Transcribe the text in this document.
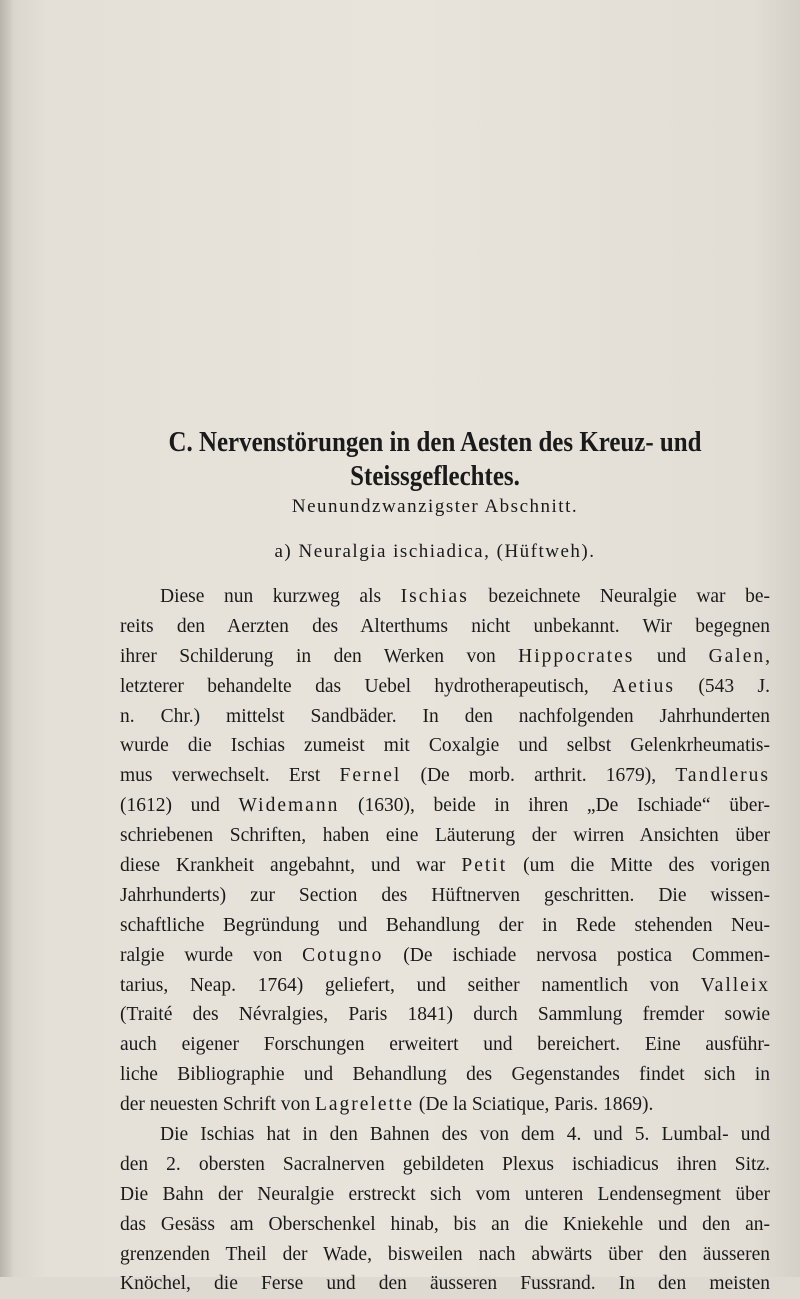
C. Nervenstörungen in den Aesten des Kreuz- und
Steissgeflechtes.
Neunundzwanzigster Abschnitt.
a) Neuralgia ischiadica, (Hüftweh).
Diese nun kurzweg als Ischias bezeichnete Neuralgie war be-
reits den Aerzten des Alterthums nicht unbekannt. Wir begegnen
ihrer Schilderung in den Werken von Hippocrates und Galen,
letzterer behandelte das Uebel hydrotherapeutisch, Aetius (543 J.
n. Chr.) mittelst Sandbäder. In den nachfolgenden Jahrhunderten
wurde die Ischias zumeist mit Coxalgie und selbst Gelenkrheumatis-
mus verwechselt. Erst Fernel (De morb. arthrit. 1679), Tandlerus
(1612) und Widemann (1630), beide in ihren „De Ischiade“ über-
schriebenen Schriften, haben eine Läuterung der wirren Ansichten über
diese Krankheit angebahnt, und war Petit (um die Mitte des vorigen
Jahrhunderts) zur Section des Hüftnerven geschritten. Die wissen-
schaftliche Begründung und Behandlung der in Rede stehenden Neu-
ralgie wurde von Cotugno (De ischiade nervosa postica Commen-
tarius, Neap. 1764) geliefert, und seither namentlich von Valleix
(Traité des Névralgies, Paris 1841) durch Sammlung fremder sowie
auch eigener Forschungen erweitert und bereichert. Eine ausführ-
liche Bibliographie und Behandlung des Gegenstandes findet sich in
der neuesten Schrift von Lagrelette (De la Sciatique, Paris. 1869).
Die Ischias hat in den Bahnen des von dem 4. und 5. Lumbal- und
den 2. obersten Sacralnerven gebildeten Plexus ischiadicus ihren Sitz.
Die Bahn der Neuralgie erstreckt sich vom unteren Lendensegment über
das Gesäss am Oberschenkel hinab, bis an die Kniekehle und den an-
grenzenden Theil der Wade, bisweilen nach abwärts über den äusseren
Knöchel, die Ferse und den äusseren Fussrand. In den meisten
